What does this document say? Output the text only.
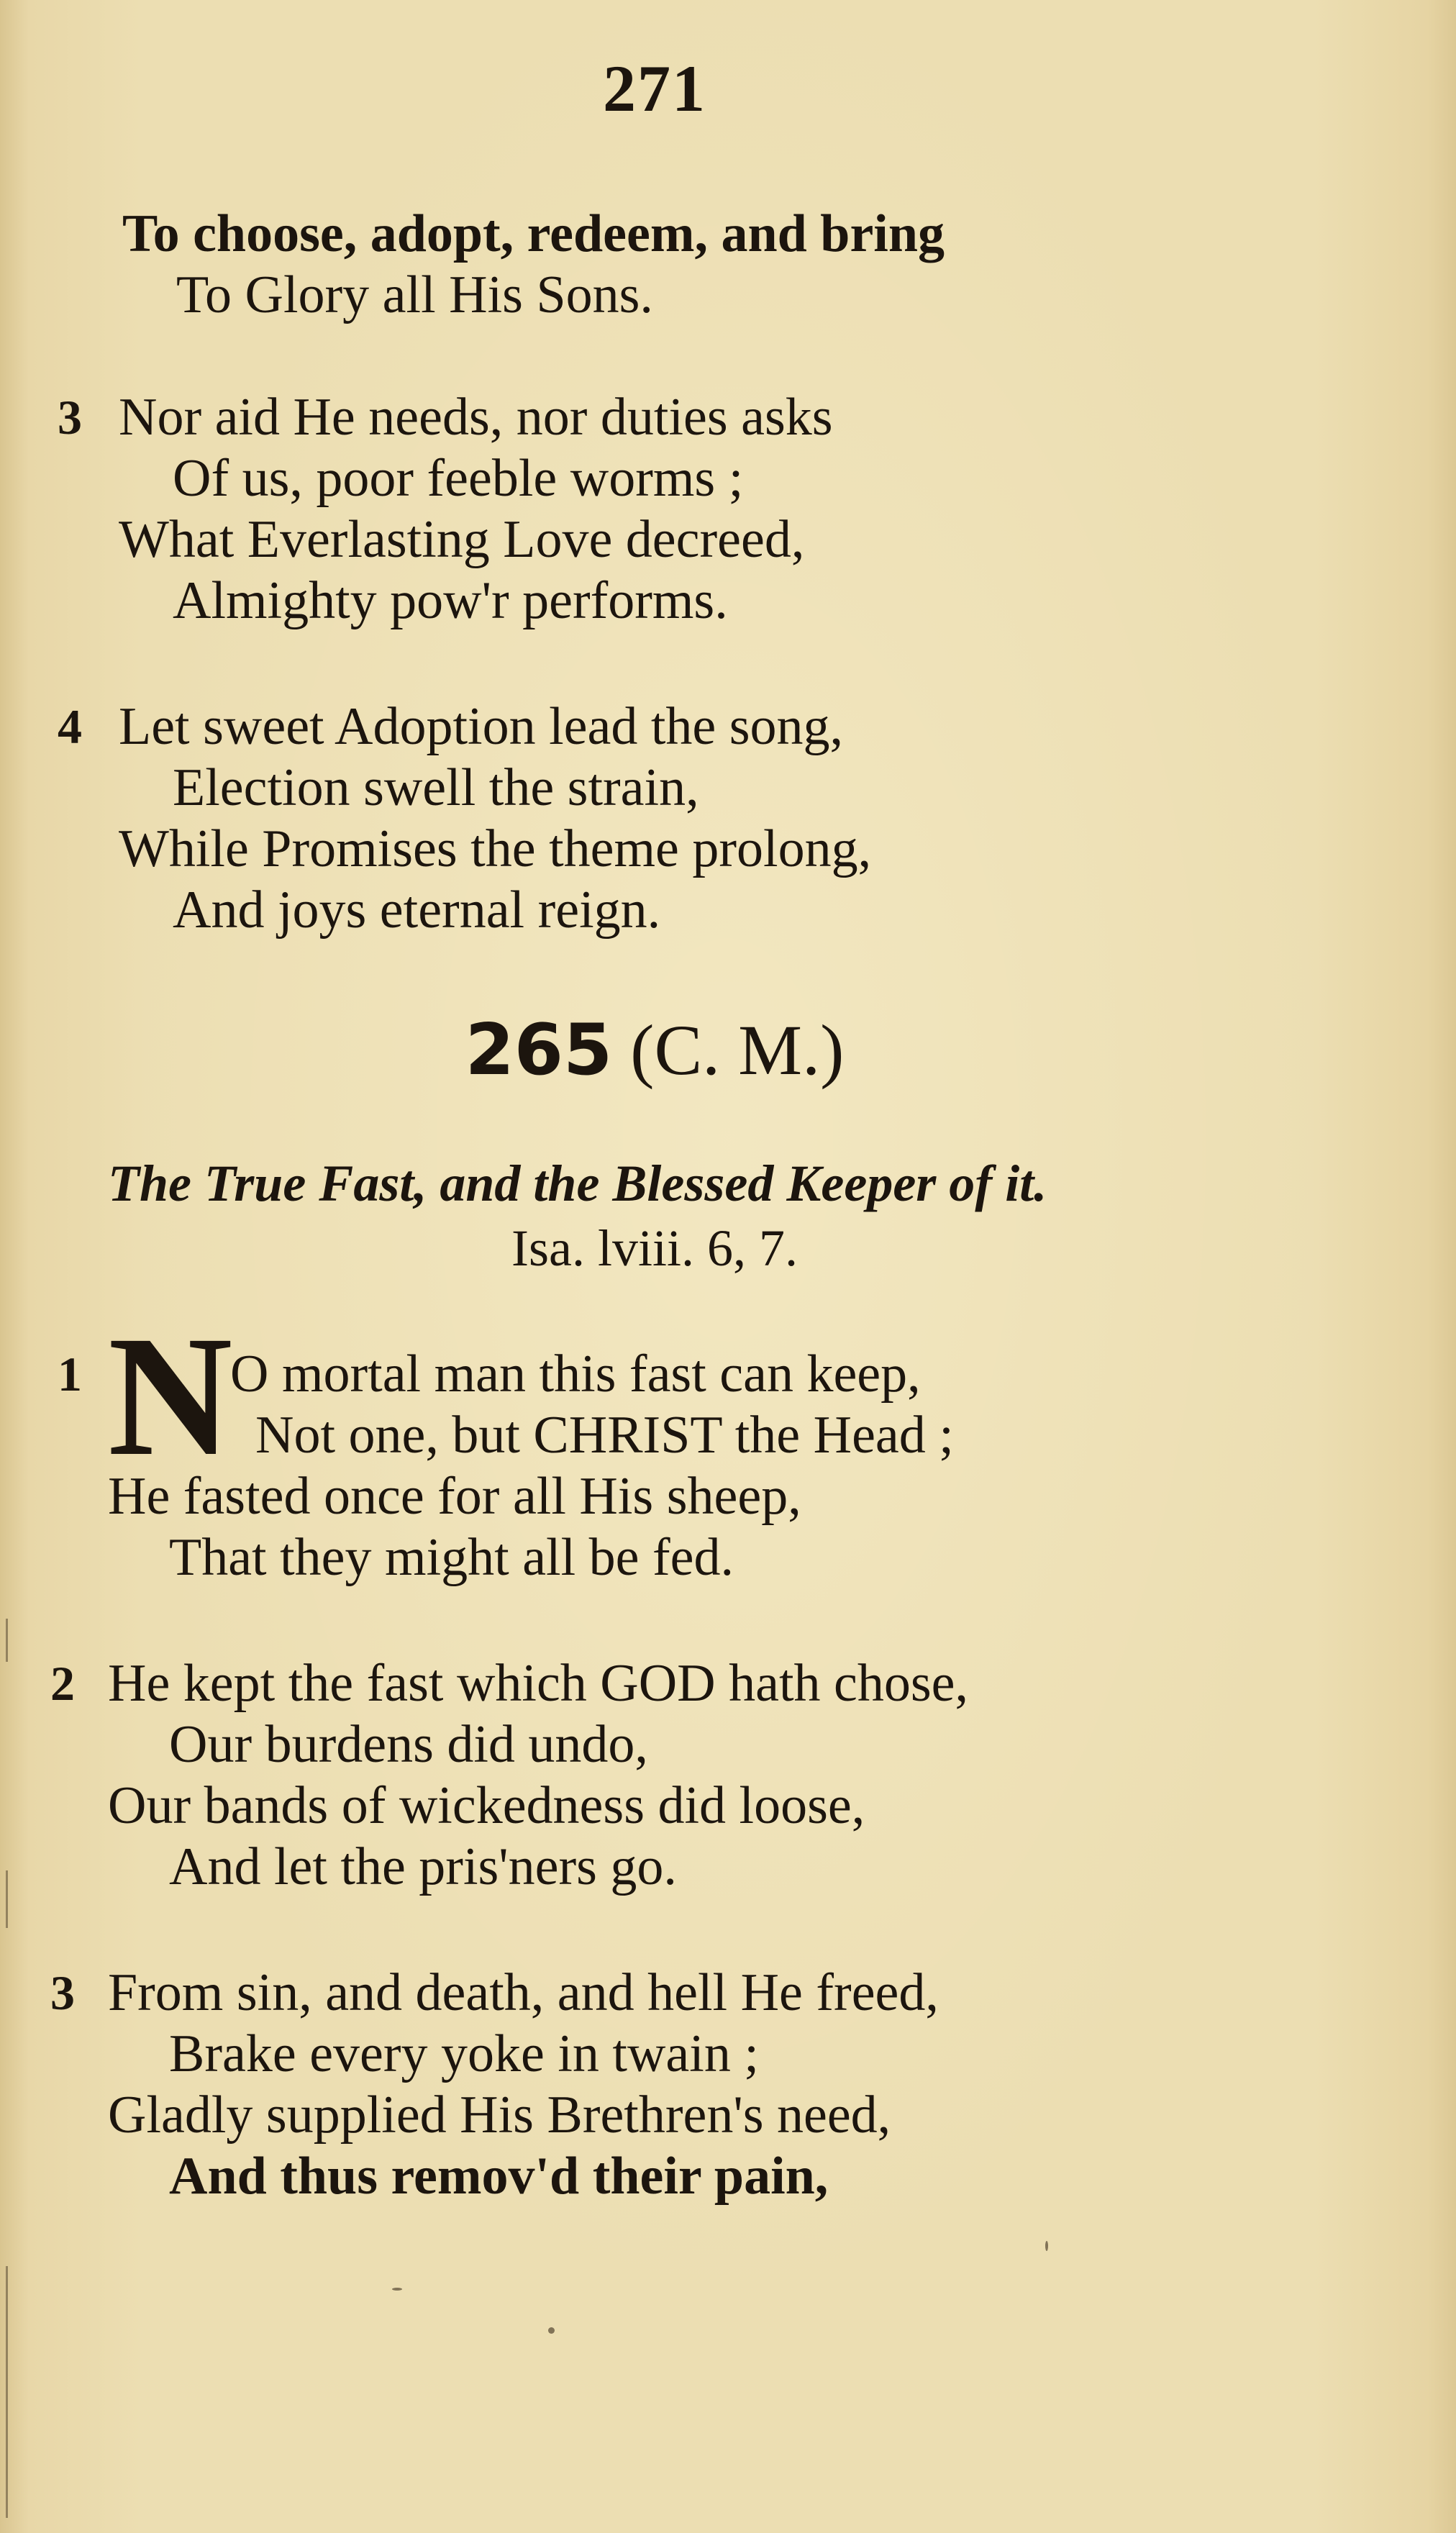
271
To choose, adopt, redeem, and bring
To Glory all His Sons.
3 Nor aid He needs, nor duties asks
Of us, poor feeble worms ;
What Everlasting Love decreed,
Almighty pow'r performs.
4 Let sweet Adoption lead the song,
Election swell the strain,
While Promises the theme prolong,
And joys eternal reign.
265 (C. M.)
The True Fast, and the Blessed Keeper of it.
Isa. lviii. 6, 7.
1 N
O mortal man this fast can keep,
Not one, but CHRIST the Head ;
He fasted once for all His sheep,
That they might all be fed.
2 He kept the fast which GOD hath chose,
Our burdens did undo,
Our bands of wickedness did loose,
And let the pris'ners go.
3 From sin, and death, and hell He freed,
Brake every yoke in twain ;
Gladly supplied His Brethren's need,
And thus remov'd their pain,
